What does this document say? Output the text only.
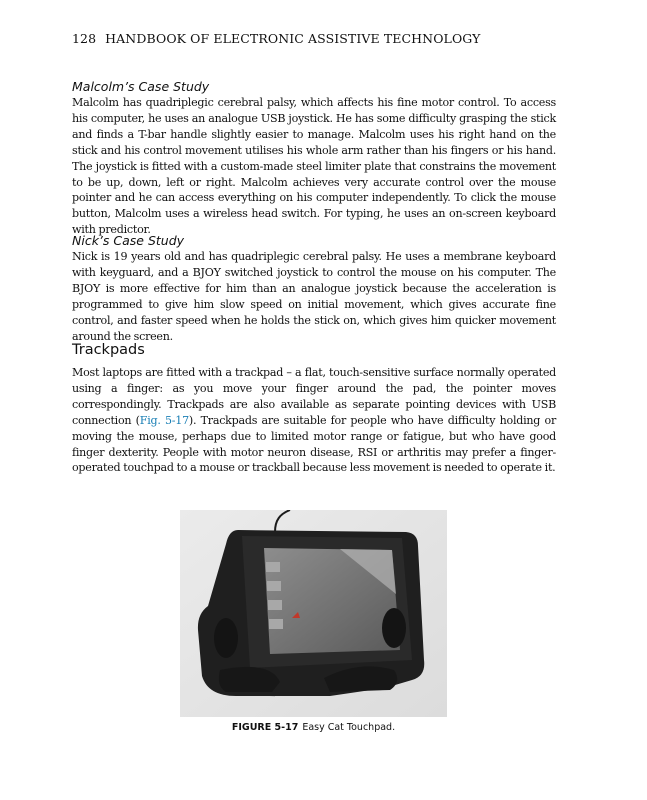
128 HANDBOOK OF ELECTRONIC ASSISTIVE TECHNOLOGY
Malcolm’s Case Study

Malcolm has quadriplegic cerebral palsy, which affects his fine motor control. To access his computer, he uses an analogue USB joystick. He has some difficulty grasping the stick and finds a T-bar handle slightly easier to manage. Malcolm uses his right hand on the stick and his control movement utilises his whole arm rather than his fingers or his hand. The joystick is fitted with a custom-made steel limiter plate that constrains the movement to be up, down, left or right. Malcolm achieves very accurate control over the mouse pointer and he can access everything on his computer independently. To click the mouse button, Malcolm uses a wireless head switch. For typing, he uses an on-screen keyboard with predictor.

Nick’s Case Study

Nick is 19 years old and has quadriplegic cerebral palsy. He uses a membrane keyboard with keyguard, and a BJOY switched joystick to control the mouse on his computer. The BJOY is more effective for him than an analogue joystick because the acceleration is programmed to give him slow speed on initial movement, which gives accurate fine control, and faster speed when he holds the stick on, which gives him quicker movement around the screen.

Trackpads

Most laptops are fitted with a trackpad – a flat, touch-sensitive surface normally operated using a finger: as you move your finger around the pad, the pointer moves correspondingly. Trackpads are also available as separate pointing devices with USB connection (Fig. 5-17). Trackpads are suitable for people who have difficulty holding or moving the mouse, perhaps due to limited motor range or fatigue, but who have good finger dexterity. People with motor neuron disease, RSI or arthritis may prefer a finger-operated touchpad to a mouse or trackball because less movement is needed to operate it.

FIGURE 5-17 Easy Cat Touchpad.
